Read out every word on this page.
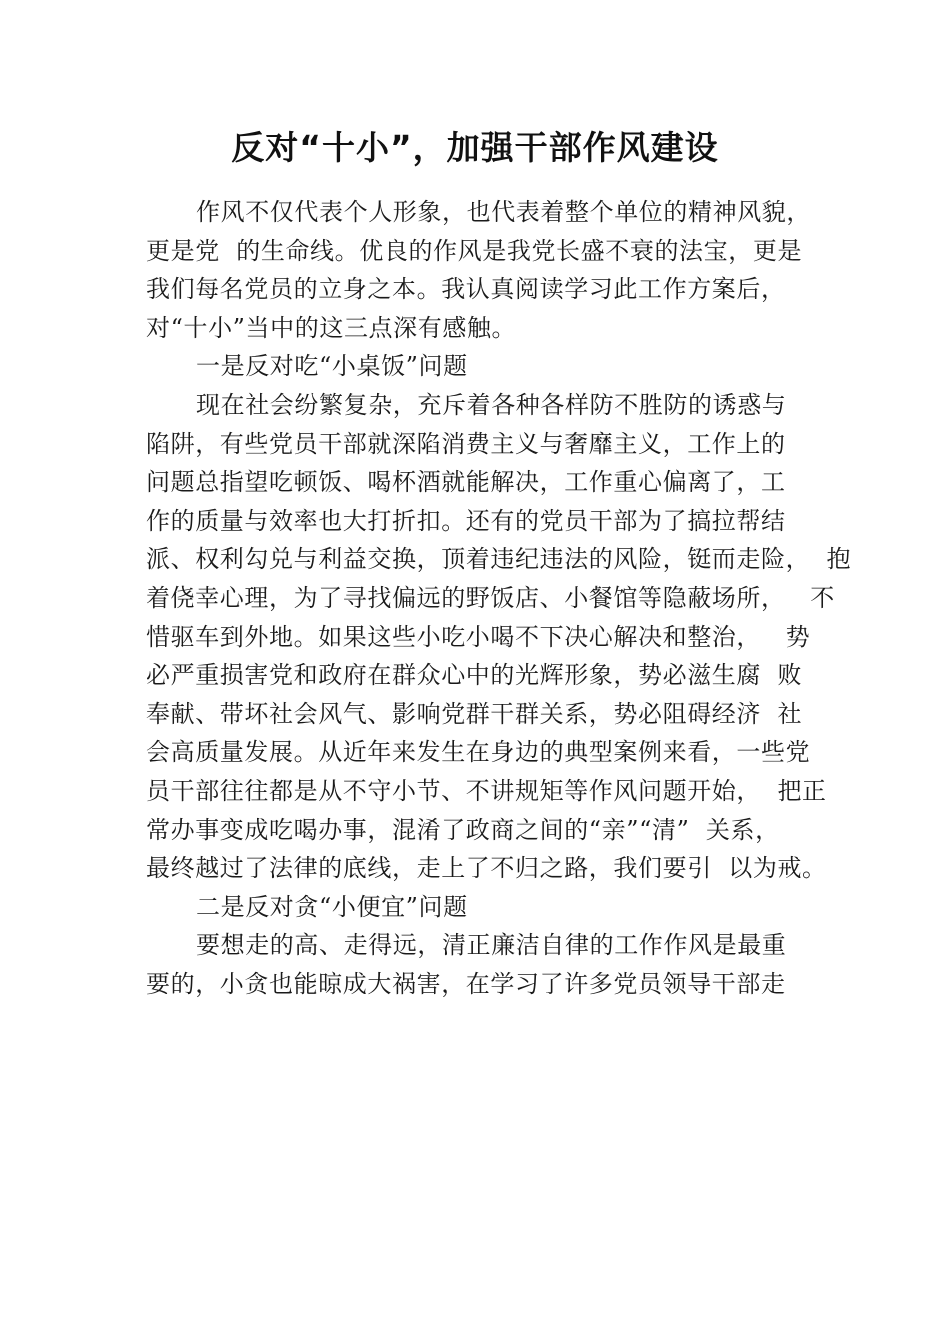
反对“十小”，加强干部作风建设
作风不仅代表个人形象，也代表着整个单位的精神风貌，
更是党  的生命线。优良的作风是我党长盛不衰的法宝，更是
我们每名党员的立身之本。我认真阅读学习此工作方案后，
对“十小”当中的这三点深有感触。
一是反对吃“小桌饭”问题
现在社会纷繁复杂，充斥着各种各样防不胜防的诱惑与
陷阱，有些党员干部就深陷消费主义与奢靡主义，工作上的
问题总指望吃顿饭、喝杯酒就能解决，工作重心偏离了，工
作的质量与效率也大打折扣。还有的党员干部为了搞拉帮结
派、权利勾兑与利益交换，顶着违纪违法的风险，铤而走险，  抱
着侥幸心理，为了寻找偏远的野饭店、小餐馆等隐蔽场所，   不
惜驱车到外地。如果这些小吃小喝不下决心解决和整治，   势
必严重损害党和政府在群众心中的光辉形象，势必滋生腐  败
奉献、带坏社会风气、影响党群干群关系，势必阻碍经济  社
会高质量发展。从近年来发生在身边的典型案例来看，一些党
员干部往往都是从不守小节、不讲规矩等作风问题开始，  把正
常办事变成吃喝办事，混淆了政商之间的“亲”“清”  关系，
最终越过了法律的底线，走上了不归之路，我们要引  以为戒。
二是反对贪“小便宜”问题
要想走的高、走得远，清正廉洁自律的工作作风是最重
要的，小贪也能晾成大祸害，在学习了许多党员领导干部走
